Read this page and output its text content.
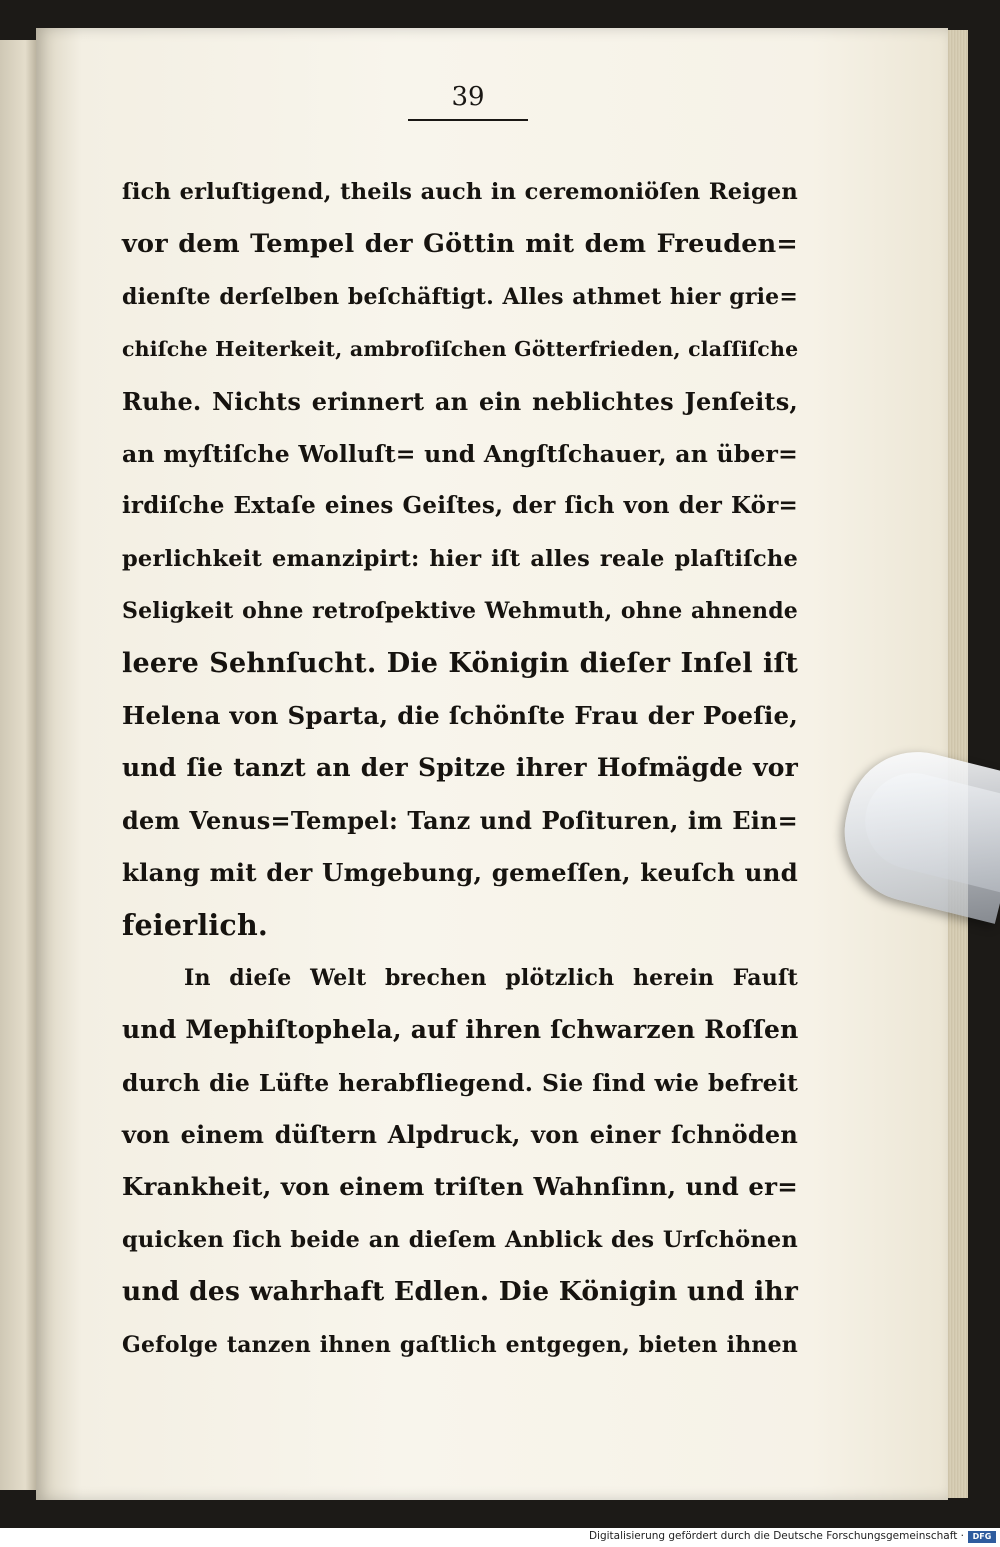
39
ſich erluſtigend, theils auch in ceremoniöſen Reigen
vor dem Tempel der Göttin mit dem Freuden=
dienſte derſelben beſchäftigt. Alles athmet hier grie=
chiſche Heiterkeit, ambroſiſchen Götterfrieden, claſſiſche
Ruhe. Nichts erinnert an ein neblichtes Jenſeits,
an myſtiſche Wolluſt= und Angſtſchauer, an über=
irdiſche Extaſe eines Geiſtes, der ſich von der Kör=
perlichkeit emanzipirt: hier iſt alles reale plaſtiſche
Seligkeit ohne retroſpektive Wehmuth, ohne ahnende
leere Sehnſucht. Die Königin dieſer Inſel iſt
Helena von Sparta, die ſchönſte Frau der Poeſie,
und ſie tanzt an der Spitze ihrer Hofmägde vor
dem Venus=Tempel: Tanz und Poſituren, im Ein=
klang mit der Umgebung, gemeſſen, keuſch und
feierlich.
In dieſe Welt brechen plötzlich herein Fauſt
und Mephiſtophela, auf ihren ſchwarzen Roſſen
durch die Lüfte herabfliegend. Sie ſind wie befreit
von einem düſtern Alpdruck, von einer ſchnöden
Krankheit, von einem triſten Wahnſinn, und er=
quicken ſich beide an dieſem Anblick des Urſchönen
und des wahrhaft Edlen. Die Königin und ihr
Gefolge tanzen ihnen gaſtlich entgegen, bieten ihnen
Digitalisierung gefördert durch die Deutsche Forschungsgemeinschaft ·	DFG
